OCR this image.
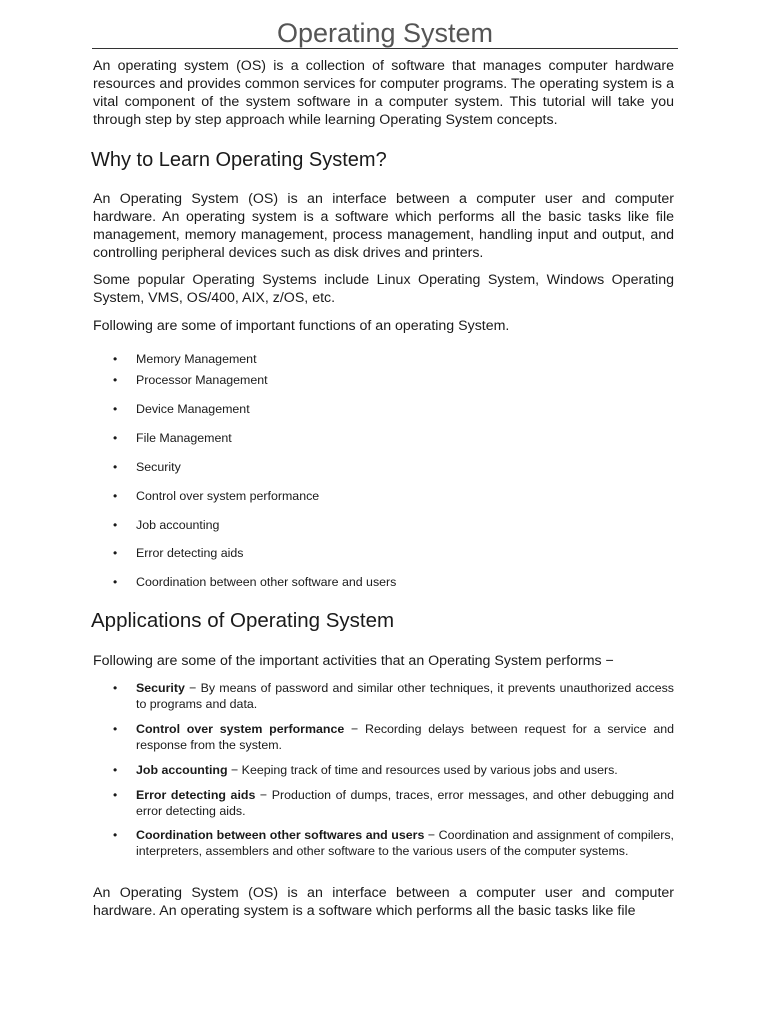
Operating System

An operating system (OS) is a collection of software that manages computer hardware resources and provides common services for computer programs. The operating system is a vital component of the system software in a computer system. This tutorial will take you through step by step approach while learning Operating System concepts.

Why to Learn Operating System?

An Operating System (OS) is an interface between a computer user and computer hardware. An operating system is a software which performs all the basic tasks like file management, memory management, process management, handling input and output, and controlling peripheral devices such as disk drives and printers.

Some popular Operating Systems include Linux Operating System, Windows Operating System, VMS, OS/400, AIX, z/OS, etc.

Following are some of important functions of an operating System.

•	Memory Management
•	Processor Management
•	Device Management
•	File Management
•	Security
•	Control over system performance
•	Job accounting
•	Error detecting aids
•	Coordination between other software and users
Applications of Operating System

Following are some of the important activities that an Operating System performs −

•	Security − By means of password and similar other techniques, it prevents unauthorized access to programs and data.
•	Control over system performance − Recording delays between request for a service and response from the system.
•	Job accounting − Keeping track of time and resources used by various jobs and users.
•	Error detecting aids − Production of dumps, traces, error messages, and other debugging and error detecting aids.
•	Coordination between other softwares and users − Coordination and assignment of compilers, interpreters, assemblers and other software to the various users of the computer systems.

An Operating System (OS) is an interface between a computer user and computer hardware. An operating system is a software which performs all the basic tasks like file
